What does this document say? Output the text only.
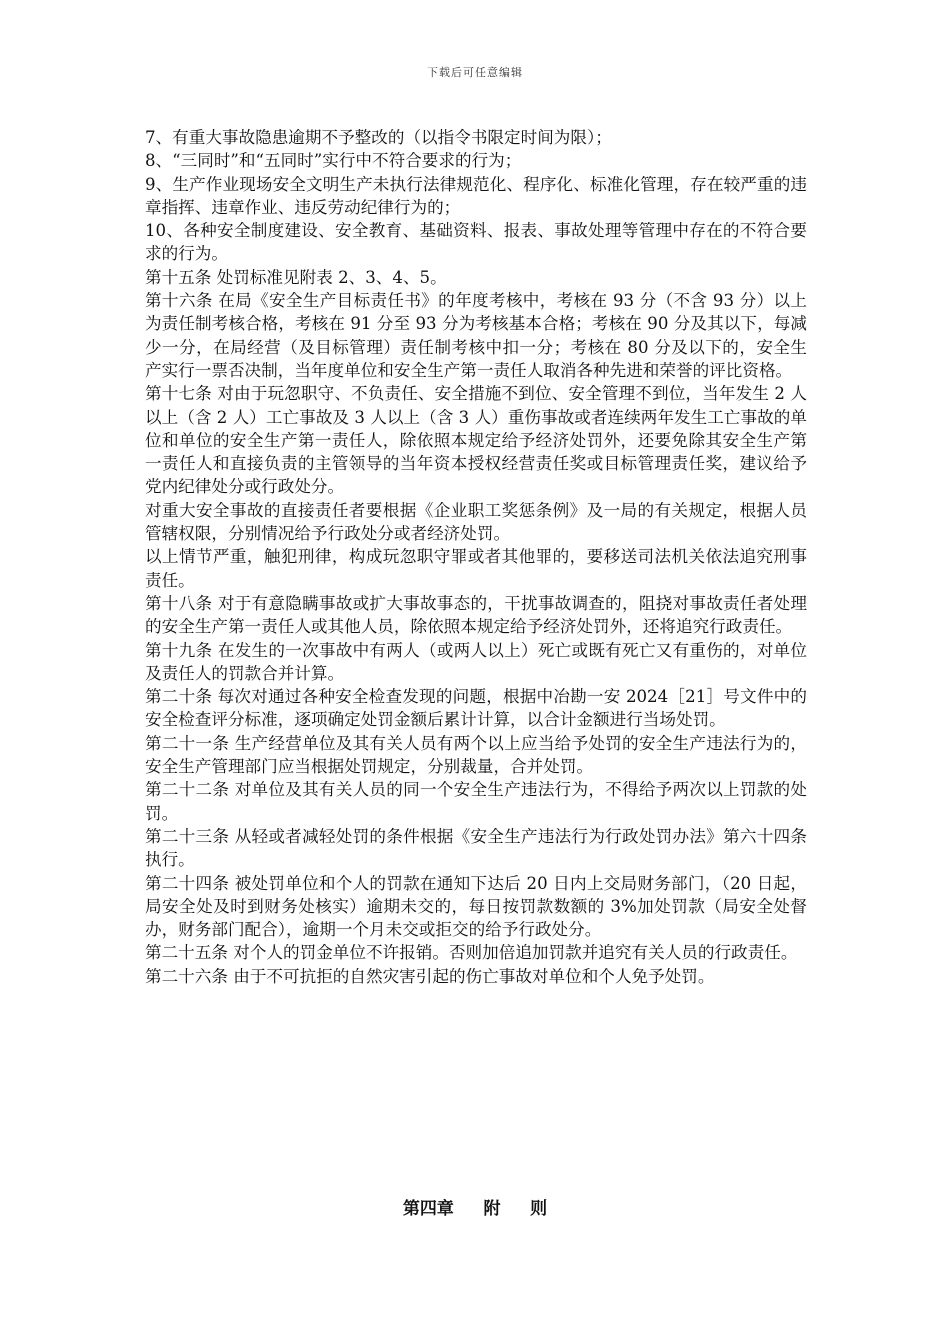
下载后可任意编辑

7、有重大事故隐患逾期不予整改的（以指令书限定时间为限）；

8、“三同时”和“五同时”实行中不符合要求的行为；

9、生产作业现场安全文明生产未执行法律规范化、程序化、标准化管理，存在较严重的违章指挥、违章作业、违反劳动纪律行为的；

10、各种安全制度建设、安全教育、基础资料、报表、事故处理等管理中存在的不符合要求的行为。

第十五条 处罚标准见附表 2、3、4、5。

第十六条 在局《安全生产目标责任书》的年度考核中，考核在 93 分（不含 93 分）以上为责任制考核合格，考核在 91 分至 93 分为考核基本合格；考核在 90 分及其以下，每减少一分，在局经营（及目标管理）责任制考核中扣一分；考核在 80 分及以下的，安全生产实行一票否决制，当年度单位和安全生产第一责任人取消各种先进和荣誉的评比资格。

第十七条 对由于玩忽职守、不负责任、安全措施不到位、安全管理不到位，当年发生 2 人以上（含 2 人）工亡事故及 3 人以上（含 3 人）重伤事故或者连续两年发生工亡事故的单位和单位的安全生产第一责任人，除依照本规定给予经济处罚外，还要免除其安全生产第一责任人和直接负责的主管领导的当年资本授权经营责任奖或目标管理责任奖，建议给予党内纪律处分或行政处分。

对重大安全事故的直接责任者要根据《企业职工奖惩条例》及一局的有关规定，根据人员管辖权限，分别情况给予行政处分或者经济处罚。

以上情节严重，触犯刑律，构成玩忽职守罪或者其他罪的，要移送司法机关依法追究刑事责任。

第十八条 对于有意隐瞒事故或扩大事故事态的，干扰事故调查的，阻挠对事故责任者处理的安全生产第一责任人或其他人员，除依照本规定给予经济处罚外，还将追究行政责任。

第十九条 在发生的一次事故中有两人（或两人以上）死亡或既有死亡又有重伤的，对单位及责任人的罚款合并计算。

第二十条 每次对通过各种安全检查发现的问题，根据中冶勘一安 2024［21］号文件中的安全检查评分标准，逐项确定处罚金额后累计计算，以合计金额进行当场处罚。

第二十一条 生产经营单位及其有关人员有两个以上应当给予处罚的安全生产违法行为的，安全生产管理部门应当根据处罚规定，分别裁量，合并处罚。

第二十二条 对单位及其有关人员的同一个安全生产违法行为，不得给予两次以上罚款的处罚。

第二十三条 从轻或者减轻处罚的条件根据《安全生产违法行为行政处罚办法》第六十四条执行。

第二十四条 被处罚单位和个人的罚款在通知下达后 20 日内上交局财务部门，（20 日起，局安全处及时到财务处核实）逾期未交的，每日按罚款数额的 3%加处罚款（局安全处督办，财务部门配合），逾期一个月未交或拒交的给予行政处分。

第二十五条 对个人的罚金单位不许报销。否则加倍追加罚款并追究有关人员的行政责任。

第二十六条 由于不可抗拒的自然灾害引起的伤亡事故对单位和个人免予处罚。

第四章     附     则
